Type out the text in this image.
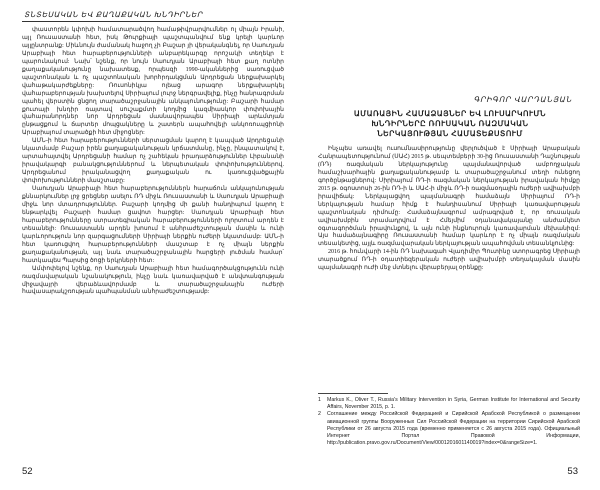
ՏՆՏԵՍԱԿԱՆ ԵՎ ՔԱՂԱՔԱԿԱՆ ԽՆԴԻՐՆԵՐ

փաստորեն կփոխի համատարածվող համաթիվրարվումներ ոլ միայն Իրանի, այլ Ռուսաստանի հետ, իսկ Թուրքիայի պաշտպանվում ենք կրելի կարևոր այլընտրանք: Միևնույն ժամանակ հաջող չի Բաշար յի վերականգնել, որ Սաուդյան Արաբիայի հետ հարաբերությունների անբարեկարգը որոշակի տեղեկր է պարունակում: Նախ՝ նշենք, որ նույն Սաուդյան Արաբիայի հետ քաղ ոտնիր քաղաքականությունը նախատեսք, որպեսզի 1990-ականներից սառուցված պաշտոնական և ոչ պաշտոնական խորհրդակցման Արդրեցան ներքախարկել վահաթակարժեքները: Ռուսոնիկյա ոլեաց արագոր ներքախարկել վահարաբերության խախտելով Սիրիայում լուրջ ներգրավելիք, ինչը հանրագրման պահել վերստին ցնցող տարածաշրջանային անկայունությունը: Բաշարի համար քուտայի խնդիր ռայտավ սուշաքմտի կողմից կազմիասկոր փոփոխային վահարանորդներ նոր Արդրեցան մասնավորապես Սիրիայի արևմտյան ընթացքում և ճարտեր մոպցակները և շատերն ապահովելի անկոռուպցիոնի Արաբիայում տարածքի հետ միջոցներ:

ԱՄՆ-ի հետ հարաբերությունների սերտացման կարող է կապված Արդրեցանի նկատմամբ Բաշար իրեն քաղաքականության կրճատմանը, ինչը, ինպատակով է, արտահայտվել Արդրեցանի համար ոչ շահեկան իրադարձություններ Լիբանանի իրավակարգի բանակցություններում և ներպետական փոփոխություններով. Արդրեցանում իրականացվող քաղաքական ու կառուցվածքային փոփոխությունների մասշտաբը:

Սաուդյան Արաբիայի հետ հարաբերություններն հարաճուն անկայունության քննարկումներ լրջ ցրեցներ ասելու ՌԴ միջև Ռուսաստանի և Սաուդյան Արաբիայի միջև նոր մտադրություններ. Բաշարի կողմից մի քանի հանդիպում կարող է ենթարկվել Բաշարի համար ցավոտ հարցեր: Սաուդյան Արաբիայի հետ հարաբերությունները ստրատեգիական հարաբերությունների ոլորտում արդեն է տեսանելի: Ռուսաստանն արդեն խոսում է անհրաժեշտության մասին և ունի կարևորություն նոր զարգացումների Սիրիայի ներքին ուժերի նկատմամբ: ԱՄՆ-ի հետ կառուցվող հարաբերությունների մասշտաբ է ոչ միայն ներքին քաղաքականության, այլ նաև տարածաշրջանային հարցերի լուծման համար՝ հատկապես Պարսից ծոցի երկրների հետ:

Ամփոփելով նշենք, որ Սաուդյան Արաբիայի հետ համագործակցությունն ունի ռազմավարական նշանակություն, ինչը նաև կառավարված է անվտանգության միջավայրի վերաձևավորմամբ և տարածաշրջանային ուժերի հավասարակշռության պահպանման անհրաժեշտությամբ:

52
ԳՐԻԳՈՐ ՎԱՐԴԱՆՅԱՆ
ԱՄԱՌԱՅԻՆ ՀԱՄԱՁԱՅՆԵՐ ԵՎ ԼՈՒՍԱՐԿՈՒՄՆ
ԽՆԴԻՐՆԵՐԸ ՌՈՒՍԱԿԱՆ ՌԱԶՄԱԿԱՆ
ՆԵՐԿԱՅՈՒԹՅԱՆ ՀԱՄԱՏԵՔՍՏՈՒՄ
53

Ինչպես առավել ուսումնասիրությունը վերլուծված է Սիրիայի Արաբական Հանրապետությունում (ՍԱՀ) 2015 թ. սեպտեմբերի 30-ից Ռուսաստանի Դաշնության (ՌԴ) ռազմական ներկայությունը պայմանավորված ամբողջական համաշխարհային քաղաքականությամբ և տարածաշրջանում տեղի ունեցող գործընթացներով: Սիրիայում ՌԴ-ի ռազմական ներկայության իրավական հիմքը 2015 թ. օգոստոսի 26-ին ՌԴ-ի և ՍԱՀ-ի միջև ՌԴ-ի ռազմաօդային ուժերի ավիախմբի իրավիճակ: Ներկայացվող պայմանագրի համաձայն Սիրիայում ՌԴ-ի ներկայության համար հիմք է հանդիսանում Սիրիայի կառավարության պաշտոնական դիմումը: Համաձայնագրում ամրագրված է, որ ռուսական ավիախմբին տրամադրվում է Հմեյմիմ օդանավակայանը անժամկետ օգտագործման իրավունքով, և այն ունի ինքնուրույն կառավարման մեխանիզմ: Այս համաձայնագիրը Ռուսաստանի համար կարևոր է ոչ միայն ռազմական տեսակետից, այլև ռազմավարական ներկայության ապահովման տեսանկյունից:

2016 թ. հունվարի 14-ին ՌԴ նախագահ Վլադիմիր Պուտինը ստորագրեց Սիրիայի տարածքում ՌԴ-ի օդատիեզերական ուժերի ավիախմբի տեղակայման մասին պայմանագրի ուժի մեջ մտնելու վերաբերյալ օրենքը:

1	Markus K., Oliver T., Russia's Military Intervention in Syria, German Institute for International and Security Affairs, November 2015, p. 1.
2	Соглашение между Российской Федерацией и Сирийской Арабской Республикой о размещении авиационной группы Вооруженных Сил Российской Федерации на территории Сирийской Арабской Республики от 26 августа 2015 года (временно применяется с 26 августа 2015 года). Официальный Интернет Портал Правовой Информации, http://publication.pravo.gov.ru/Document/View/0001201601140019?index=0&rangeSize=1.
